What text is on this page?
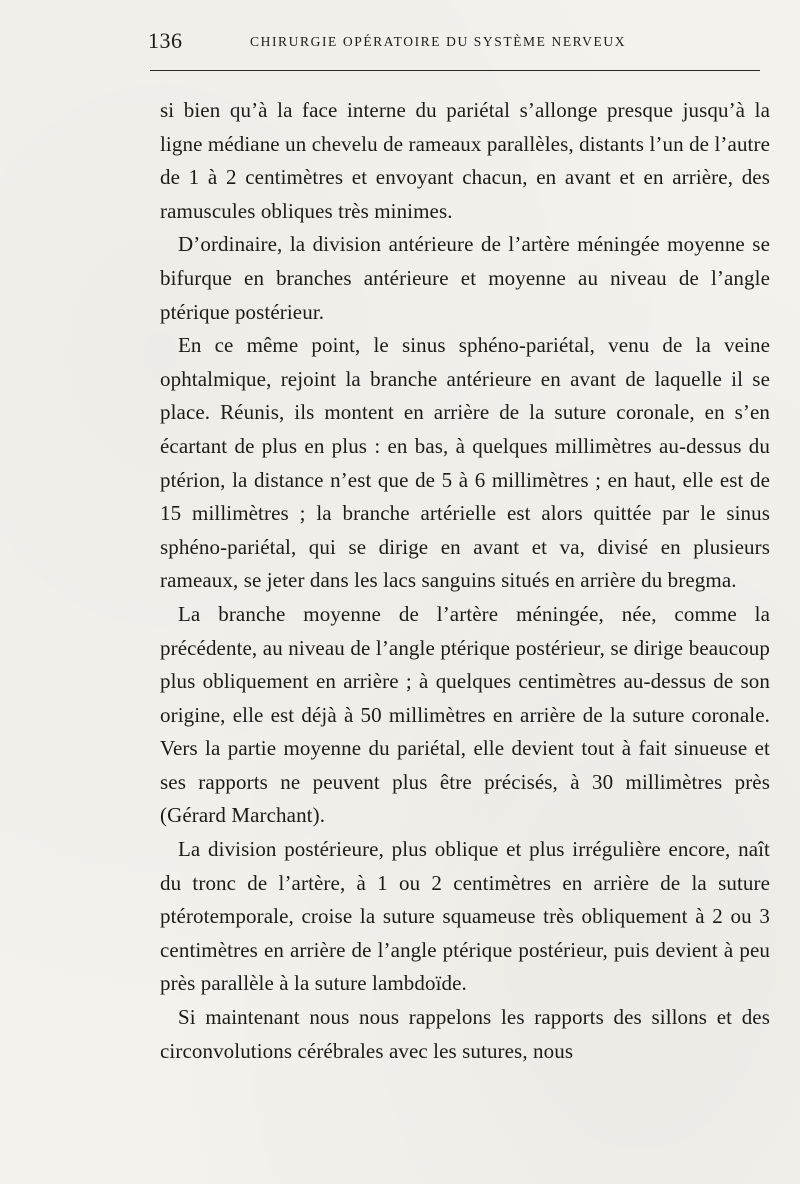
136	CHIRURGIE OPÉRATOIRE DU SYSTÈME NERVEUX

si bien qu’à la face interne du pariétal s’allonge presque jusqu’à la ligne médiane un chevelu de rameaux parallèles, distants l’un de l’autre de 1 à 2 centimètres et envoyant chacun, en avant et en arrière, des ramuscules obliques très minimes.

D’ordinaire, la division antérieure de l’artère méningée moyenne se bifurque en branches antérieure et moyenne au niveau de l’angle ptérique postérieur.

En ce même point, le sinus sphéno-pariétal, venu de la veine ophtalmique, rejoint la branche antérieure en avant de laquelle il se place. Réunis, ils montent en arrière de la suture coronale, en s’en écartant de plus en plus : en bas, à quelques millimètres au-dessus du ptérion, la distance n’est que de 5 à 6 millimètres ; en haut, elle est de 15 millimètres ; la branche artérielle est alors quittée par le sinus sphéno-pariétal, qui se dirige en avant et va, divisé en plusieurs rameaux, se jeter dans les lacs sanguins situés en arrière du bregma.

La branche moyenne de l’artère méningée, née, comme la précédente, au niveau de l’angle ptérique postérieur, se dirige beaucoup plus obliquement en arrière ; à quelques centimètres au-dessus de son origine, elle est déjà à 50 millimètres en arrière de la suture coronale. Vers la partie moyenne du pariétal, elle devient tout à fait sinueuse et ses rapports ne peuvent plus être précisés, à 30 millimètres près (Gérard Marchant).

La division postérieure, plus oblique et plus irrégulière encore, naît du tronc de l’artère, à 1 ou 2 centimètres en arrière de la suture ptérotemporale, croise la suture squameuse très obliquement à 2 ou 3 centimètres en arrière de l’angle ptérique postérieur, puis devient à peu près parallèle à la suture lambdoïde.

Si maintenant nous nous rappelons les rapports des sillons et des circonvolutions cérébrales avec les sutures, nous
